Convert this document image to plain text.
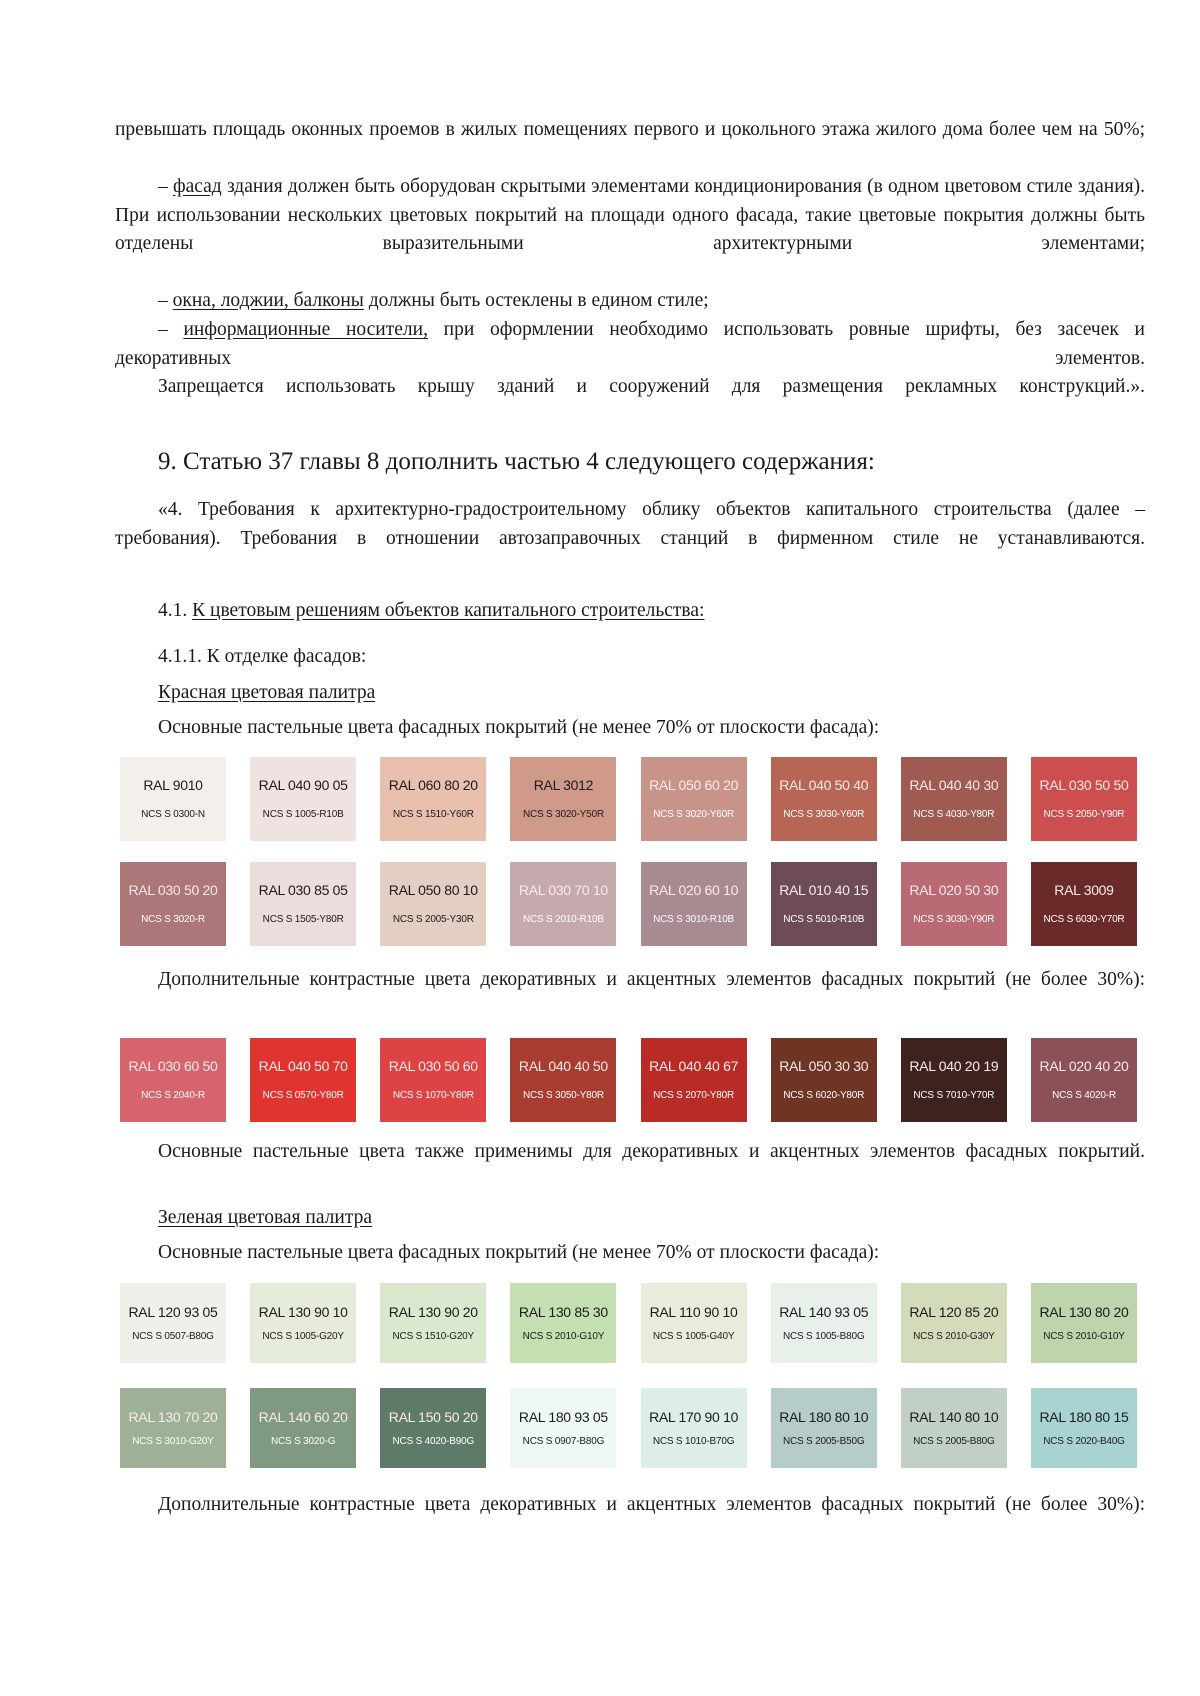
превышать площадь оконных проемов в жилых помещениях первого и цокольного этажа жилого дома более чем на 50%;

– фасад здания должен быть оборудован скрытыми элементами кондиционирования (в одном цветовом стиле здания). При использовании нескольких цветовых покрытий на площади одного фасада, такие цветовые покрытия должны быть отделены выразительными архитектурными элементами;

– окна, лоджии, балконы должны быть остеклены в едином стиле;

– информационные носители, при оформлении необходимо использовать ровные шрифты, без засечек и декоративных элементов.

Запрещается использовать крышу зданий и сооружений для размещения рекламных конструкций.».

9. Статью 37 главы 8 дополнить частью 4 следующего содержания:

«4. Требования к архитектурно-градостроительному облику объектов капитального строительства (далее – требования). Требования в отношении автозаправочных станций в фирменном стиле не устанавливаются.

4.1. К цветовым решениям объектов капитального строительства:

4.1.1. К отделке фасадов:

Красная цветовая палитра

Основные пастельные цвета фасадных покрытий (не менее 70% от плоскости фасада):

RAL 9010
NCS S 0300-N
RAL 040 90 05
NCS S 1005-R10B
RAL 060 80 20
NCS S 1510-Y60R
RAL 3012
NCS S 3020-Y50R
RAL 050 60 20
NCS S 3020-Y60R
RAL 040 50 40
NCS S 3030-Y60R
RAL 040 40 30
NCS S 4030-Y80R
RAL 030 50 50
NCS S 2050-Y90R
RAL 030 50 20
NCS S 3020-R
RAL 030 85 05
NCS S 1505-Y80R
RAL 050 80 10
NCS S 2005-Y30R
RAL 030 70 10
NCS S 2010-R10B
RAL 020 60 10
NCS S 3010-R10B
RAL 010 40 15
NCS S 5010-R10B
RAL 020 50 30
NCS S 3030-Y90R
RAL 3009
NCS S 6030-Y70R

Дополнительные контрастные цвета декоративных и акцентных элементов фасадных покрытий (не более 30%):

RAL 030 60 50
NCS S 2040-R
RAL 040 50 70
NCS S 0570-Y80R
RAL 030 50 60
NCS S 1070-Y80R
RAL 040 40 50
NCS S 3050-Y80R
RAL 040 40 67
NCS S 2070-Y80R
RAL 050 30 30
NCS S 6020-Y80R
RAL 040 20 19
NCS S 7010-Y70R
RAL 020 40 20
NCS S 4020-R

Основные пастельные цвета также применимы для декоративных и акцентных элементов фасадных покрытий.

Зеленая цветовая палитра

Основные пастельные цвета фасадных покрытий (не менее 70% от плоскости фасада):

RAL 120 93 05
NCS S 0507-B80G
RAL 130 90 10
NCS S 1005-G20Y
RAL 130 90 20
NCS S 1510-G20Y
RAL 130 85 30
NCS S 2010-G10Y
RAL 110 90 10
NCS S 1005-G40Y
RAL 140 93 05
NCS S 1005-B80G
RAL 120 85 20
NCS S 2010-G30Y
RAL 130 80 20
NCS S 2010-G10Y
RAL 130 70 20
NCS S 3010-G20Y
RAL 140 60 20
NCS S 3020-G
RAL 150 50 20
NCS S 4020-B90G
RAL 180 93 05
NCS S 0907-B80G
RAL 170 90 10
NCS S 1010-B70G
RAL 180 80 10
NCS S 2005-B50G
RAL 140 80 10
NCS S 2005-B80G
RAL 180 80 15
NCS S 2020-B40G

Дополнительные контрастные цвета декоративных и акцентных элементов фасадных покрытий (не более 30%):
